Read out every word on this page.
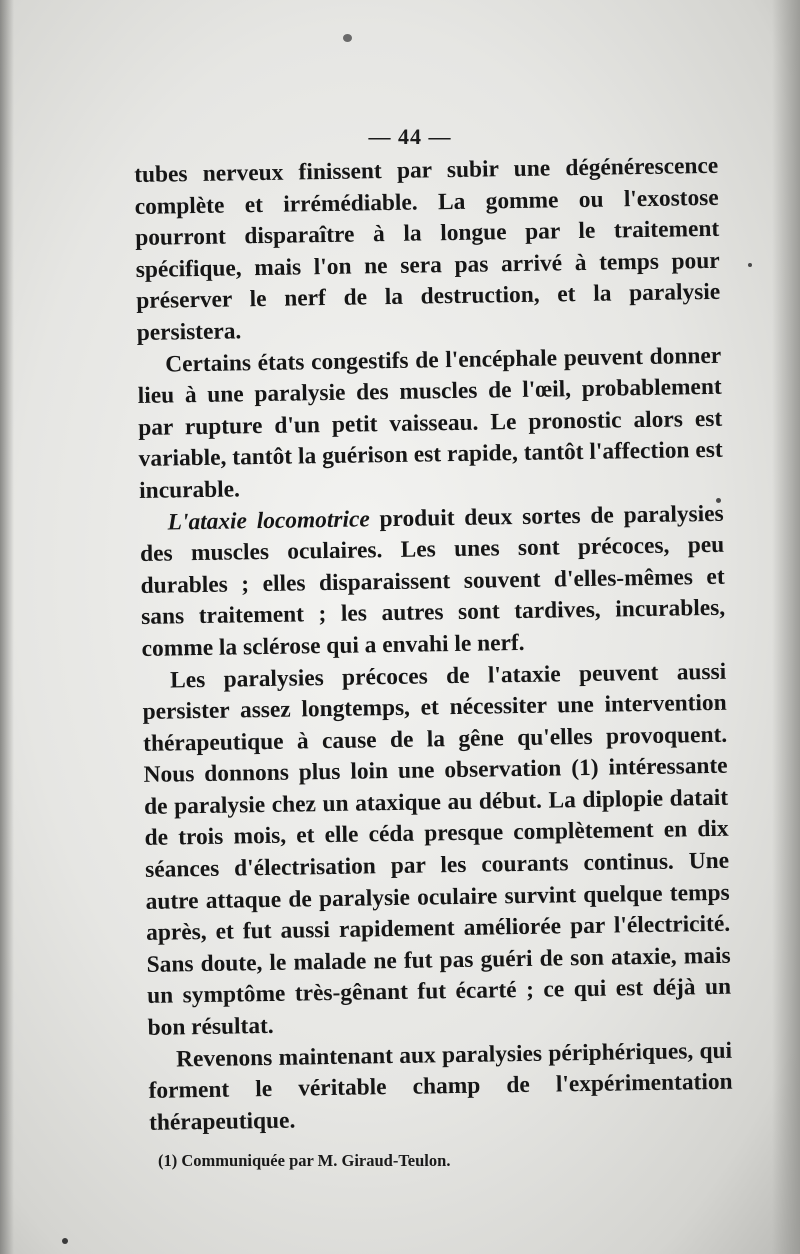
— 44 —

tubes nerveux finissent par subir une dégénérescence complète et irrémédiable. La gomme ou l'exostose pourront disparaître à la longue par le traitement spécifique, mais l'on ne sera pas arrivé à temps pour préserver le nerf de la destruction, et la paralysie persistera.

Certains états congestifs de l'encéphale peuvent donner lieu à une paralysie des muscles de l'œil, probablement par rupture d'un petit vaisseau. Le pronostic alors est variable, tantôt la guérison est rapide, tantôt l'affection est incurable.

L'ataxie locomotrice produit deux sortes de paralysies des muscles oculaires. Les unes sont précoces, peu durables ; elles disparaissent souvent d'elles-mêmes et sans traitement ; les autres sont tardives, incurables, comme la sclérose qui a envahi le nerf.

Les paralysies précoces de l'ataxie peuvent aussi persister assez longtemps, et nécessiter une intervention thérapeutique à cause de la gêne qu'elles provoquent. Nous donnons plus loin une observation (1) intéressante de paralysie chez un ataxique au début. La diplopie datait de trois mois, et elle céda presque complètement en dix séances d'électrisation par les courants continus. Une autre attaque de paralysie oculaire survint quelque temps après, et fut aussi rapidement améliorée par l'électricité. Sans doute, le malade ne fut pas guéri de son ataxie, mais un symptôme très-gênant fut écarté ; ce qui est déjà un bon résultat.

Revenons maintenant aux paralysies périphériques, qui forment le véritable champ de l'expérimentation thérapeutique.

(1) Communiquée par M. Giraud-Teulon.
